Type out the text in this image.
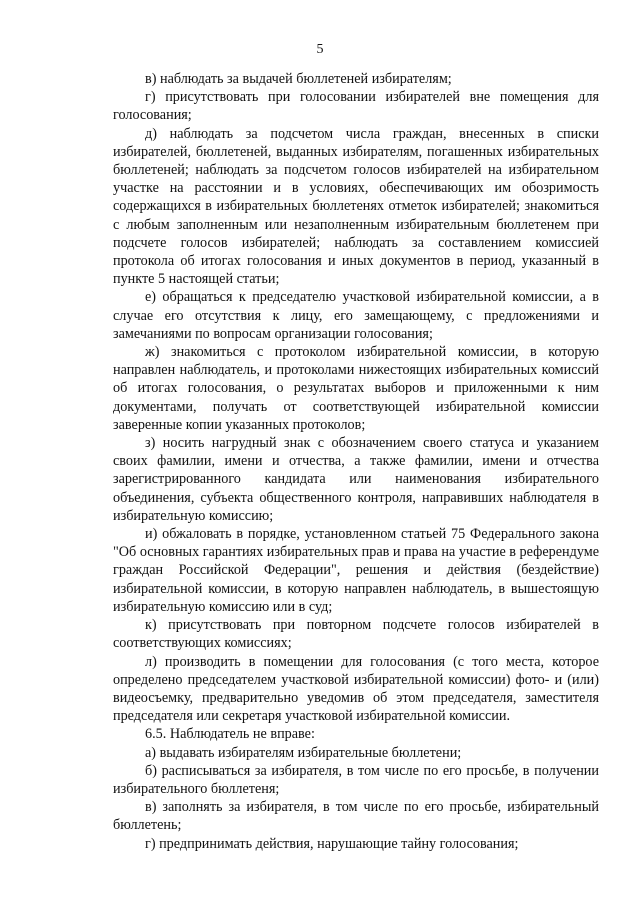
5

в) наблюдать за выдачей бюллетеней избирателям;

г) присутствовать при голосовании избирателей вне помещения для голосования;

д) наблюдать за подсчетом числа граждан, внесенных в списки избирателей, бюллетеней, выданных избирателям, погашенных избирательных бюллетеней; наблюдать за подсчетом голосов избирателей на избирательном участке на расстоянии и в условиях, обеспечивающих им обозримость содержащихся в избирательных бюллетенях отметок избирателей; знакомиться с любым заполненным или незаполненным избирательным бюллетенем при подсчете голосов избирателей; наблюдать за составлением комиссией протокола об итогах голосования и иных документов в период, указанный в пункте 5 настоящей статьи;

е) обращаться к председателю участковой избирательной комиссии, а в случае его отсутствия к лицу, его замещающему, с предложениями и замечаниями по вопросам организации голосования;

ж) знакомиться с протоколом избирательной комиссии, в которую направлен наблюдатель, и протоколами нижестоящих избирательных комиссий об итогах голосования, о результатах выборов и приложенными к ним документами, получать от соответствующей избирательной комиссии заверенные копии указанных протоколов;

з) носить нагрудный знак с обозначением своего статуса и указанием своих фамилии, имени и отчества, а также фамилии, имени и отчества зарегистрированного кандидата или наименования избирательного объединения, субъекта общественного контроля, направивших наблюдателя в избирательную комиссию;

и) обжаловать в порядке, установленном статьей 75 Федерального закона "Об основных гарантиях избирательных прав и права на участие в референдуме граждан Российской Федерации", решения и действия (бездействие) избирательной комиссии, в которую направлен наблюдатель, в вышестоящую избирательную комиссию или в суд;

к) присутствовать при повторном подсчете голосов избирателей в соответствующих комиссиях;

л) производить в помещении для голосования (с того места, которое определено председателем участковой избирательной комиссии) фото- и (или) видеосъемку, предварительно уведомив об этом председателя, заместителя председателя или секретаря участковой избирательной комиссии.

6.5. Наблюдатель не вправе:

а) выдавать избирателям избирательные бюллетени;

б) расписываться за избирателя, в том числе по его просьбе, в получении избирательного бюллетеня;

в) заполнять за избирателя, в том числе по его просьбе, избирательный бюллетень;

г) предпринимать действия, нарушающие тайну голосования;
